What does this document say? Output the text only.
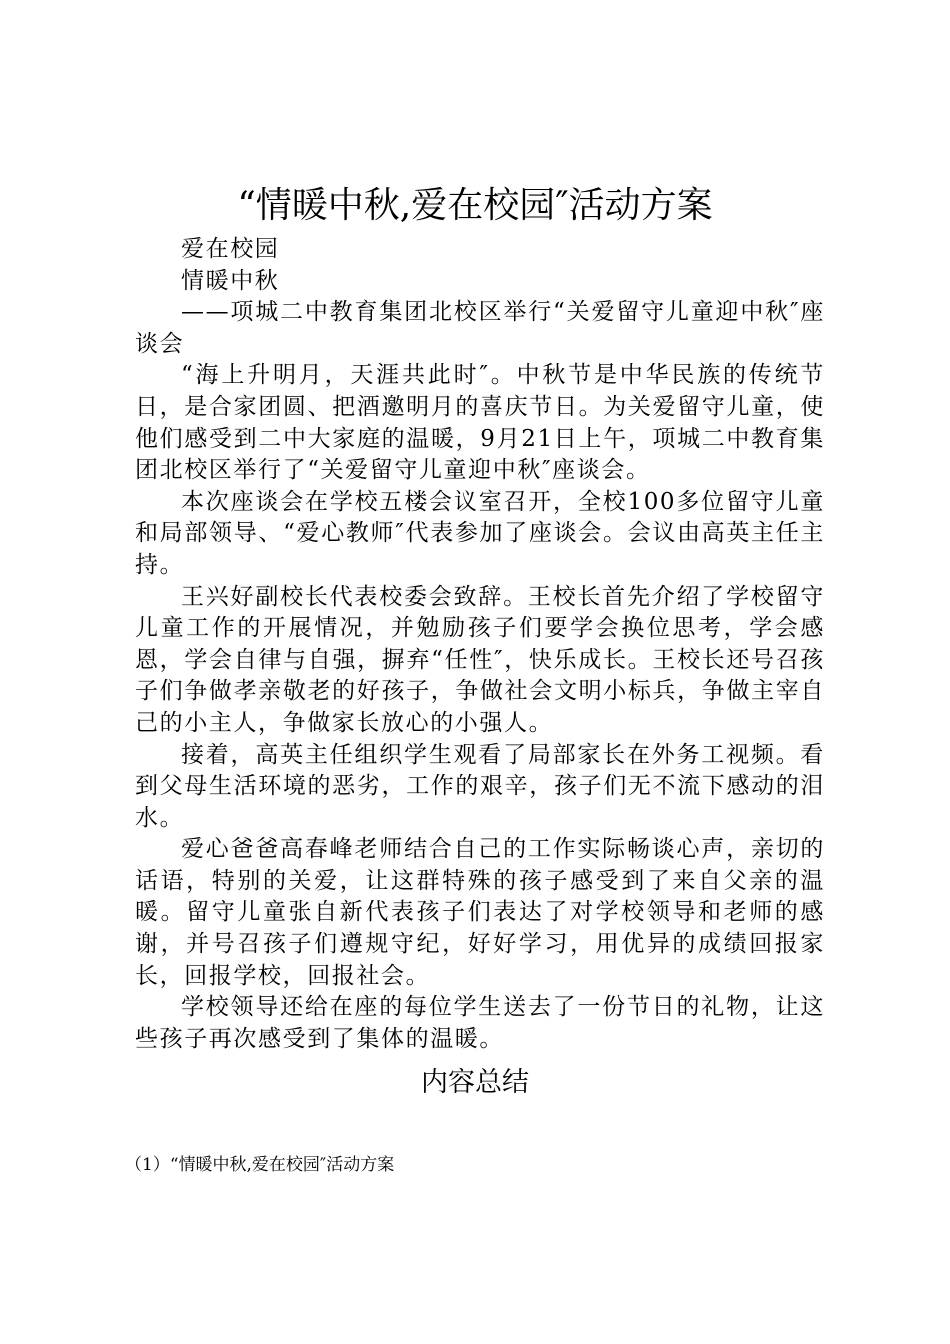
“情暖中秋,爱在校园″活动方案

爱在校园

情暖中秋

——项城二中教育集团北校区举行“关爱留守儿童迎中秋″座谈会

“海上升明月，天涯共此时″。中秋节是中华民族的传统节日，是合家团圆、把酒邀明月的喜庆节日。为关爱留守儿童，使他们感受到二中大家庭的温暖，9月21日上午，项城二中教育集团北校区举行了“关爱留守儿童迎中秋″座谈会。

本次座谈会在学校五楼会议室召开，全校100多位留守儿童和局部领导、“爱心教师″代表参加了座谈会。会议由高英主任主持。

王兴好副校长代表校委会致辞。王校长首先介绍了学校留守儿童工作的开展情况，并勉励孩子们要学会换位思考，学会感恩，学会自律与自强，摒弃“任性″，快乐成长。王校长还号召孩子们争做孝亲敬老的好孩子，争做社会文明小标兵，争做主宰自己的小主人，争做家长放心的小强人。

接着，高英主任组织学生观看了局部家长在外务工视频。看到父母生活环境的恶劣，工作的艰辛，孩子们无不流下感动的泪水。

爱心爸爸高春峰老师结合自己的工作实际畅谈心声，亲切的话语，特别的关爱，让这群特殊的孩子感受到了来自父亲的温暖。留守儿童张自新代表孩子们表达了对学校领导和老师的感谢，并号召孩子们遵规守纪，好好学习，用优异的成绩回报家长，回报学校，回报社会。

学校领导还给在座的每位学生送去了一份节日的礼物，让这些孩子再次感受到了集体的温暖。

内容总结

（1）“情暖中秋,爱在校园″活动方案
